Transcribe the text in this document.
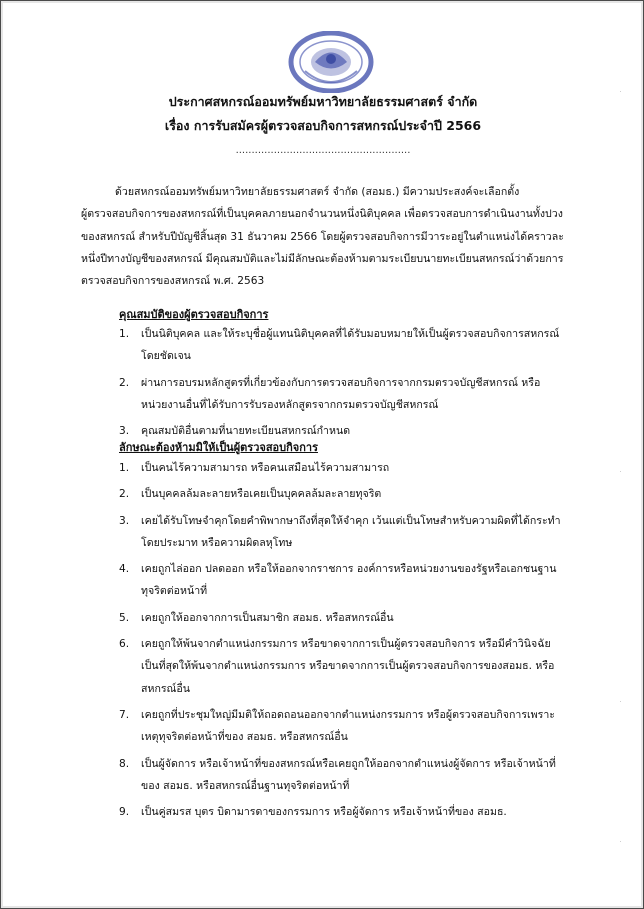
ประกาศสหกรณ์ออมทรัพย์มหาวิทยาลัยธรรมศาสตร์ จำกัด
เรื่อง การรับสมัครผู้ตรวจสอบกิจการสหกรณ์ประจำปี 2566
.......................................................
ด้วยสหกรณ์ออมทรัพย์มหาวิทยาลัยธรรมศาสตร์ จำกัด (สอมธ.) มีความประสงค์จะเลือกตั้ง
ผู้ตรวจสอบกิจการของสหกรณ์ที่เป็นบุคคลภายนอกจำนวนหนึ่งนิติบุคคล เพื่อตรวจสอบการดำเนินงานทั้งปวง
ของสหกรณ์ สำหรับปีบัญชีสิ้นสุด 31 ธันวาคม 2566 โดยผู้ตรวจสอบกิจการมีวาระอยู่ในตำแหน่งได้คราวละ
หนึ่งปีทางบัญชีของสหกรณ์ มีคุณสมบัติและไม่มีลักษณะต้องห้ามตามระเบียบนายทะเบียนสหกรณ์ว่าด้วยการ
ตรวจสอบกิจการของสหกรณ์ พ.ศ. 2563
คุณสมบัติของผู้ตรวจสอบกิจการ
1.	เป็นนิติบุคคล และให้ระบุชื่อผู้แทนนิติบุคคลที่ได้รับมอบหมายให้เป็นผู้ตรวจสอบกิจการสหกรณ์
โดยชัดเจน
2.	ผ่านการอบรมหลักสูตรที่เกี่ยวข้องกับการตรวจสอบกิจการจากกรมตรวจบัญชีสหกรณ์ หรือ
หน่วยงานอื่นที่ได้รับการรับรองหลักสูตรจากกรมตรวจบัญชีสหกรณ์
3.	คุณสมบัติอื่นตามที่นายทะเบียนสหกรณ์กำหนด
ลักษณะต้องห้ามมิให้เป็นผู้ตรวจสอบกิจการ
1.	เป็นคนไร้ความสามารถ หรือคนเสมือนไร้ความสามารถ
2.	เป็นบุคคลล้มละลายหรือเคยเป็นบุคคลล้มละลายทุจริต
3.	เคยได้รับโทษจำคุกโดยคำพิพากษาถึงที่สุดให้จำคุก เว้นแต่เป็นโทษสำหรับความผิดที่ได้กระทำ
โดยประมาท หรือความผิดลหุโทษ
4.	เคยถูกไล่ออก ปลดออก หรือให้ออกจากราชการ องค์การหรือหน่วยงานของรัฐหรือเอกชนฐาน
ทุจริตต่อหน้าที่
5.	เคยถูกให้ออกจากการเป็นสมาชิก สอมธ. หรือสหกรณ์อื่น
6.	เคยถูกให้พ้นจากตำแหน่งกรรมการ หรือขาดจากการเป็นผู้ตรวจสอบกิจการ หรือมีคำวินิจฉัย
เป็นที่สุดให้พ้นจากตำแหน่งกรรมการ หรือขาดจากการเป็นผู้ตรวจสอบกิจการของสอมธ. หรือ
สหกรณ์อื่น
7.	เคยถูกที่ประชุมใหญ่มีมติให้ถอดถอนออกจากตำแหน่งกรรมการ หรือผู้ตรวจสอบกิจการเพราะ
เหตุทุจริตต่อหน้าที่ของ สอมธ. หรือสหกรณ์อื่น
8.	เป็นผู้จัดการ หรือเจ้าหน้าที่ของสหกรณ์หรือเคยถูกให้ออกจากตำแหน่งผู้จัดการ หรือเจ้าหน้าที่
ของ สอมธ. หรือสหกรณ์อื่นฐานทุจริตต่อหน้าที่
9.	เป็นคู่สมรส บุตร บิดามารดาของกรรมการ หรือผู้จัดการ หรือเจ้าหน้าที่ของ สอมธ.
